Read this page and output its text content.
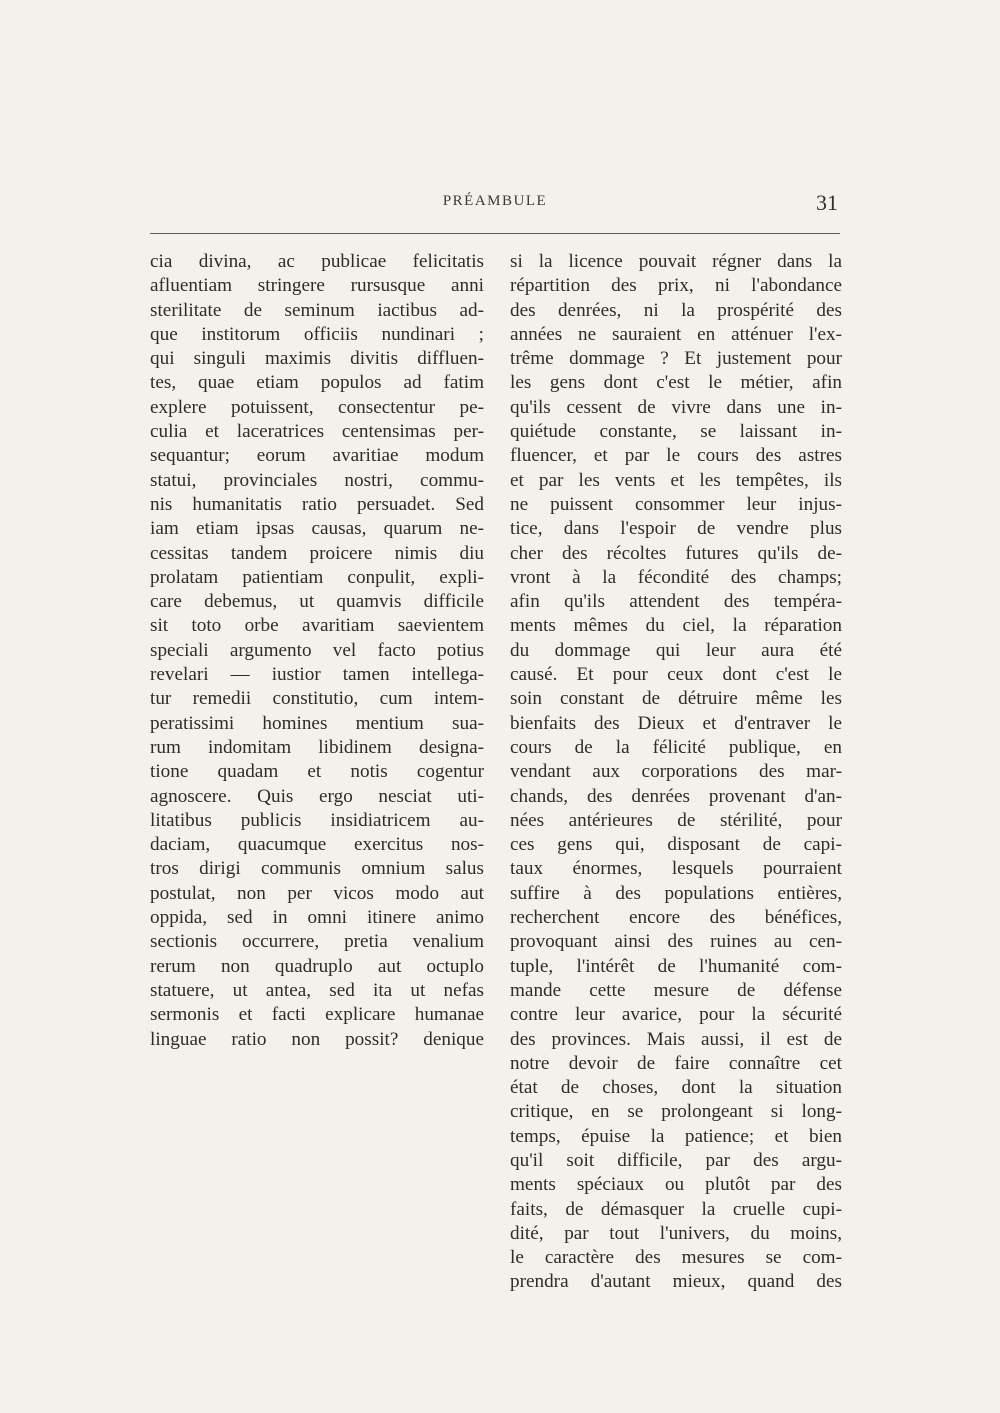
PRÉAMBULE	31
cia divina, ac publicae felicitatis
afluentiam stringere rursusque anni
sterilitate de seminum iactibus ad-
que institorum officiis nundinari ;
qui singuli maximis divitis diffluen-
tes, quae etiam populos ad fatim
explere potuissent, consectentur pe-
culia et laceratrices centensimas per-
sequantur; eorum avaritiae modum
statui, provinciales nostri, commu-
nis humanitatis ratio persuadet. Sed
iam etiam ipsas causas, quarum ne-
cessitas tandem proicere nimis diu
prolatam patientiam conpulit, expli-
care debemus, ut quamvis difficile
sit toto orbe avaritiam saevientem
speciali argumento vel facto potius
revelari — iustior tamen intellega-
tur remedii constitutio, cum intem-
peratissimi homines mentium sua-
rum indomitam libidinem designa-
tione quadam et notis cogentur
agnoscere. Quis ergo nesciat uti-
litatibus publicis insidiatricem au-
daciam, quacumque exercitus nos-
tros dirigi communis omnium salus
postulat, non per vicos modo aut
oppida, sed in omni itinere animo
sectionis occurrere, pretia venalium
rerum non quadruplo aut octuplo
statuere, ut antea, sed ita ut nefas
sermonis et facti explicare humanae
linguae ratio non possit? denique
si la licence pouvait régner dans la
répartition des prix, ni l'abondance
des denrées, ni la prospérité des
années ne sauraient en atténuer l'ex-
trême dommage ? Et justement pour
les gens dont c'est le métier, afin
qu'ils cessent de vivre dans une in-
quiétude constante, se laissant in-
fluencer, et par le cours des astres
et par les vents et les tempêtes, ils
ne puissent consommer leur injus-
tice, dans l'espoir de vendre plus
cher des récoltes futures qu'ils de-
vront à la fécondité des champs;
afin qu'ils attendent des tempéra-
ments mêmes du ciel, la réparation
du dommage qui leur aura été
causé. Et pour ceux dont c'est le
soin constant de détruire même les
bienfaits des Dieux et d'entraver le
cours de la félicité publique, en
vendant aux corporations des mar-
chands, des denrées provenant d'an-
nées antérieures de stérilité, pour
ces gens qui, disposant de capi-
taux énormes, lesquels pourraient
suffire à des populations entières,
recherchent encore des bénéfices,
provoquant ainsi des ruines au cen-
tuple, l'intérêt de l'humanité com-
mande cette mesure de défense
contre leur avarice, pour la sécurité
des provinces. Mais aussi, il est de
notre devoir de faire connaître cet
état de choses, dont la situation
critique, en se prolongeant si long-
temps, épuise la patience; et bien
qu'il soit difficile, par des argu-
ments spéciaux ou plutôt par des
faits, de démasquer la cruelle cupi-
dité, par tout l'univers, du moins,
le caractère des mesures se com-
prendra d'autant mieux, quand des
